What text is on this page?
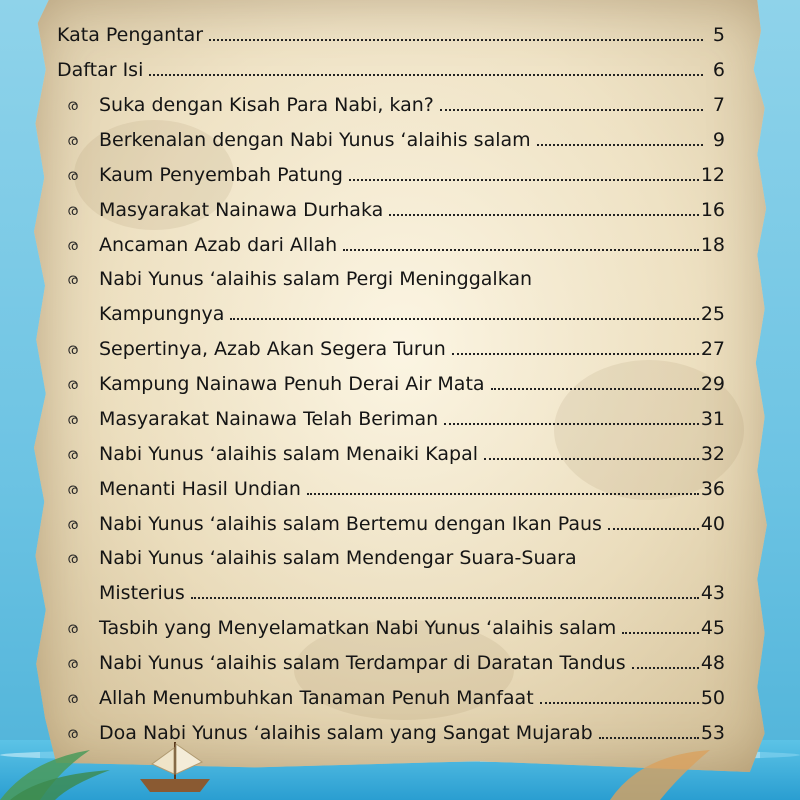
Kata Pengantar	5
Daftar Isi	6
ര	Suka dengan Kisah Para Nabi, kan?	7
ര	Berkenalan dengan Nabi Yunus ‘alaihis salam	9
ര	Kaum Penyembah Patung	12
ര	Masyarakat Nainawa Durhaka	16
ര	Ancaman Azab dari Allah	18
ര	Nabi Yunus ‘alaihis salam Pergi Meninggalkan
Kampungnya	25
ര	Sepertinya, Azab Akan Segera Turun	27
ര	Kampung Nainawa Penuh Derai Air Mata	29
ര	Masyarakat Nainawa Telah Beriman	31
ര	Nabi Yunus ‘alaihis salam Menaiki Kapal	32
ര	Menanti Hasil Undian	36
ര	Nabi Yunus ‘alaihis salam Bertemu dengan Ikan Paus	40
ര	Nabi Yunus ‘alaihis salam Mendengar Suara-Suara
Misterius	43
ര	Tasbih yang Menyelamatkan Nabi Yunus ‘alaihis salam	45
ര	Nabi Yunus ‘alaihis salam Terdampar di Daratan Tandus	48
ര	Allah Menumbuhkan Tanaman Penuh Manfaat	50
ര	Doa Nabi Yunus ‘alaihis salam yang Sangat Mujarab	53
